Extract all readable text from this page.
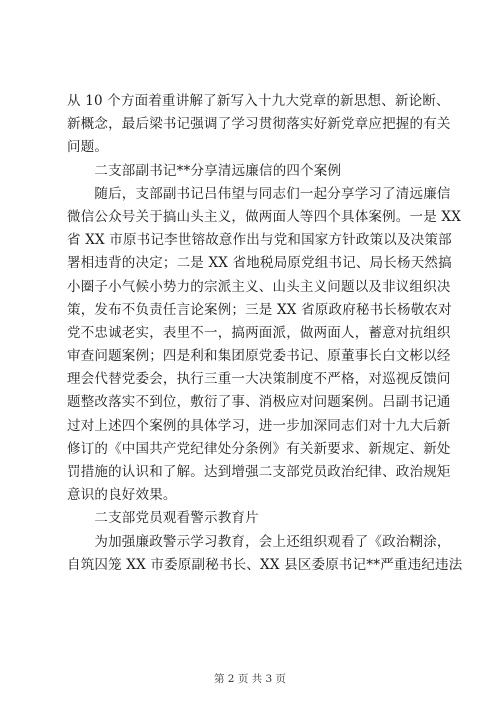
从 10 个方面着重讲解了新写入十九大党章的新思想、新论断、
新概念，最后梁书记强调了学习贯彻落实好新党章应把握的有关
问题。
　　二支部副书记**分享清远廉信的四个案例
　　随后，支部副书记吕伟望与同志们一起分享学习了清远廉信
微信公众号关于搞山头主义，做两面人等四个具体案例。一是 XX
省 XX 市原书记李世镕故意作出与党和国家方针政策以及决策部
署相违背的决定；二是 XX 省地税局原党组书记、局长杨天然搞
小圈子小气候小势力的宗派主义、山头主义问题以及非议组织决
策，发布不负责任言论案例；三是 XX 省原政府秘书长杨敬农对
党不忠诚老实，表里不一，搞两面派，做两面人，蓄意对抗组织
审查问题案例；四是利和集团原党委书记、原董事长白文彬以经
理会代替党委会，执行三重一大决策制度不严格，对巡视反馈问
题整改落实不到位，敷衍了事、消极应对问题案例。吕副书记通
过对上述四个案例的具体学习，进一步加深同志们对十九大后新
修订的《中国共产党纪律处分条例》有关新要求、新规定、新处
罚措施的认识和了解。达到增强二支部党员政治纪律、政治规矩
意识的良好效果。
　　二支部党员观看警示教育片
　　为加强廉政警示学习教育，会上还组织观看了《政治糊涂，
自筑囚笼 XX 市委原副秘书长、XX 县区委原书记**严重违纪违法
第 2 页 共 3 页
